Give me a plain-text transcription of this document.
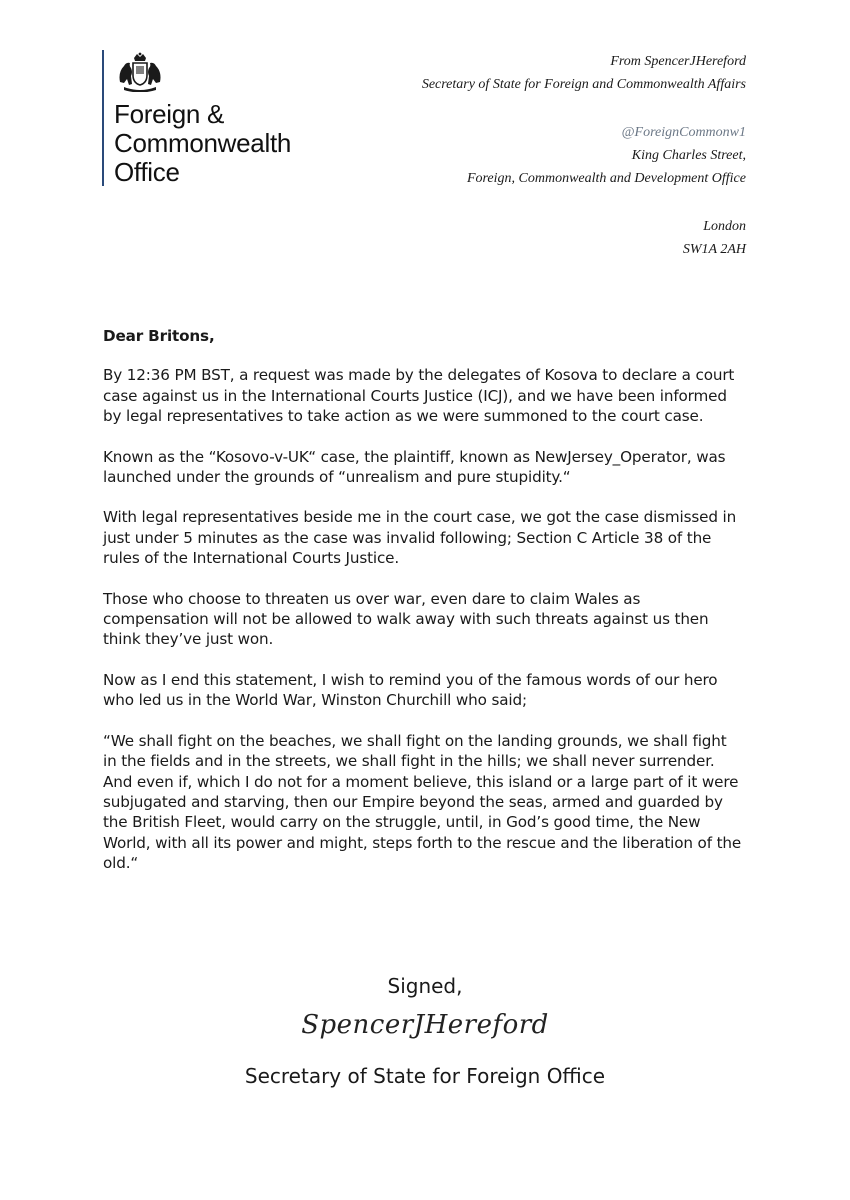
Foreign &
Commonwealth
Office
From SpencerJHereford
Secretary of State for Foreign and Commonwealth Affairs
@ForeignCommonw1
King Charles Street,
Foreign, Commonwealth and Development Office
London
SW1A 2AH

Dear Britons,

By 12:36 PM BST, a request was made by the delegates of Kosova to declare a court case against us in the International Courts Justice (ICJ), and we have been informed by legal representatives to take action as we were summoned to the court case.

Known as the “Kosovo-v-UK“ case, the plaintiff, known as NewJersey_Operator, was launched under the grounds of “unrealism and pure stupidity.“

With legal representatives beside me in the court case, we got the case dismissed in just under 5 minutes as the case was invalid following; Section C Article 38 of the rules of the International Courts Justice.

Those who choose to threaten us over war, even dare to claim Wales as compensation will not be allowed to walk away with such threats against us then think they’ve just won.

Now as I end this statement, I wish to remind you of the famous words of our hero who led us in the World War, Winston Churchill who said;

“We shall fight on the beaches, we shall fight on the landing grounds, we shall fight in the fields and in the streets, we shall fight in the hills; we shall never surrender. And even if, which I do not for a moment believe, this island or a large part of it were subjugated and starving, then our Empire beyond the seas, armed and guarded by the British Fleet, would carry on the struggle, until, in God’s good time, the New World, with all its power and might, steps forth to the rescue and the liberation of the old.“

Signed,
SpencerJHereford
Secretary of State for Foreign Office
